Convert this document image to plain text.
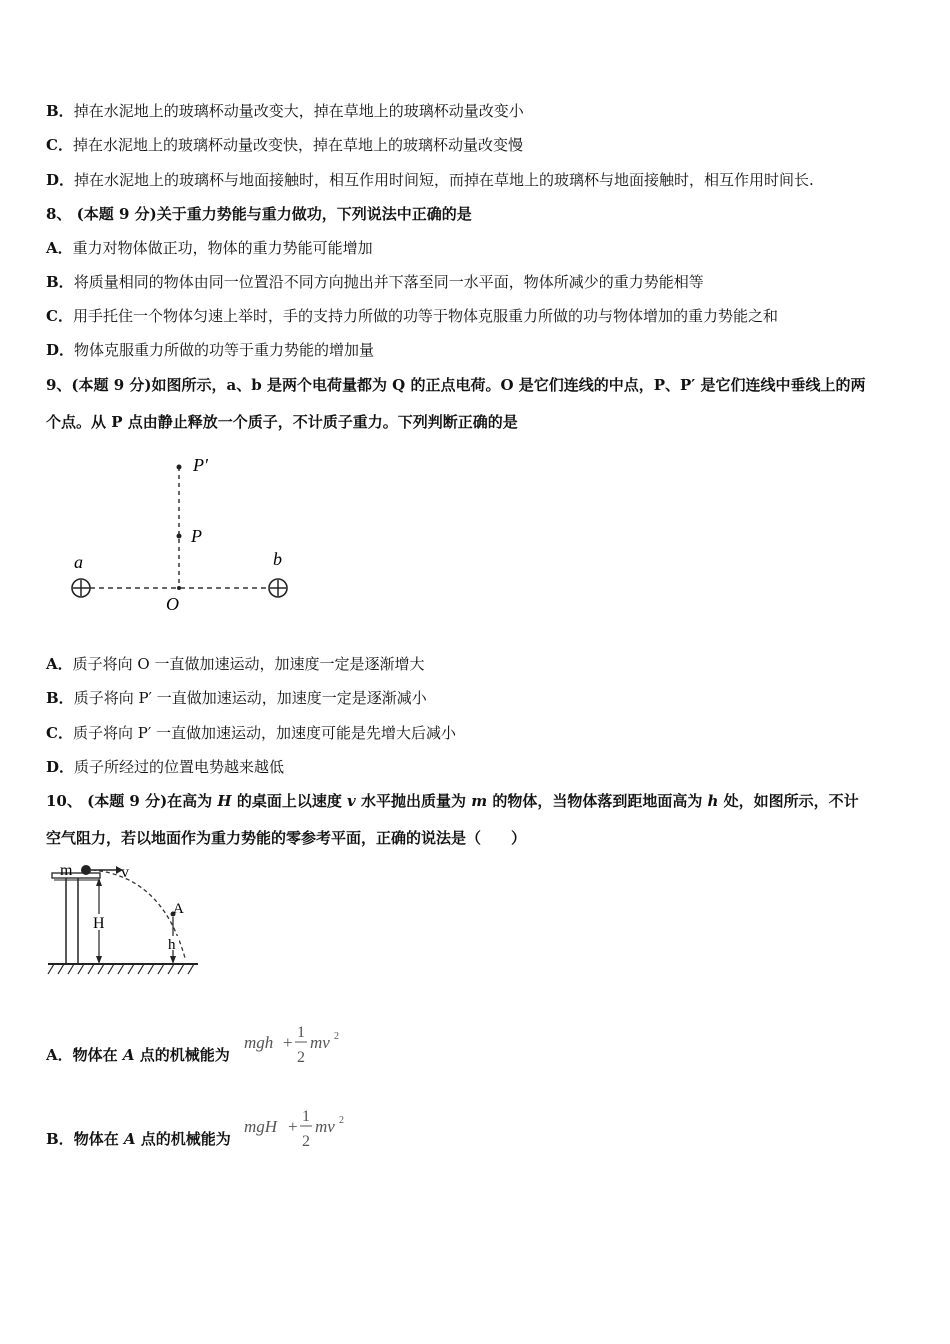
B．掉在水泥地上的玻璃杯动量改变大，掉在草地上的玻璃杯动量改变小
C．掉在水泥地上的玻璃杯动量改变快，掉在草地上的玻璃杯动量改变慢
D．掉在水泥地上的玻璃杯与地面接触时，相互作用时间短，而掉在草地上的玻璃杯与地面接触时，相互作用时间长.
8、 (本题 9 分)关于重力势能与重力做功，下列说法中正确的是
A．重力对物体做正功，物体的重力势能可能增加
B．将质量相同的物体由同一位置沿不同方向抛出并下落至同一水平面，物体所减少的重力势能相等
C．用手托住一个物体匀速上举时，手的支持力所做的功等于物体克服重力所做的功与物体增加的重力势能之和
D．物体克服重力所做的功等于重力势能的增加量
9、(本题 9 分)如图所示，a、b 是两个电荷量都为 Q 的正点电荷。O 是它们连线的中点，P、P′ 是它们连线中垂线上的两
个点。从 P 点由静止释放一个质子，不计质子重力。下列判断正确的是
a	b
O
P
P′
A．质子将向 O 一直做加速运动，加速度一定是逐渐增大
B．质子将向 P′ 一直做加速运动，加速度一定是逐渐减小
C．质子将向 P′ 一直做加速运动，加速度可能是先增大后减小
D．质子所经过的位置电势越来越低
10、 (本题 9 分)在高为 H 的桌面上以速度 v 水平抛出质量为 m 的物体，当物体落到距地面高为 h 处，如图所示，不计
空气阻力，若以地面作为重力势能的零参考平面，正确的说法是（　　）
m	v
H
A
h
A．物体在 A 点的机械能为
mgh +
1
2
mv 2
B．物体在 A 点的机械能为
mgH +
1
2
mv 2
